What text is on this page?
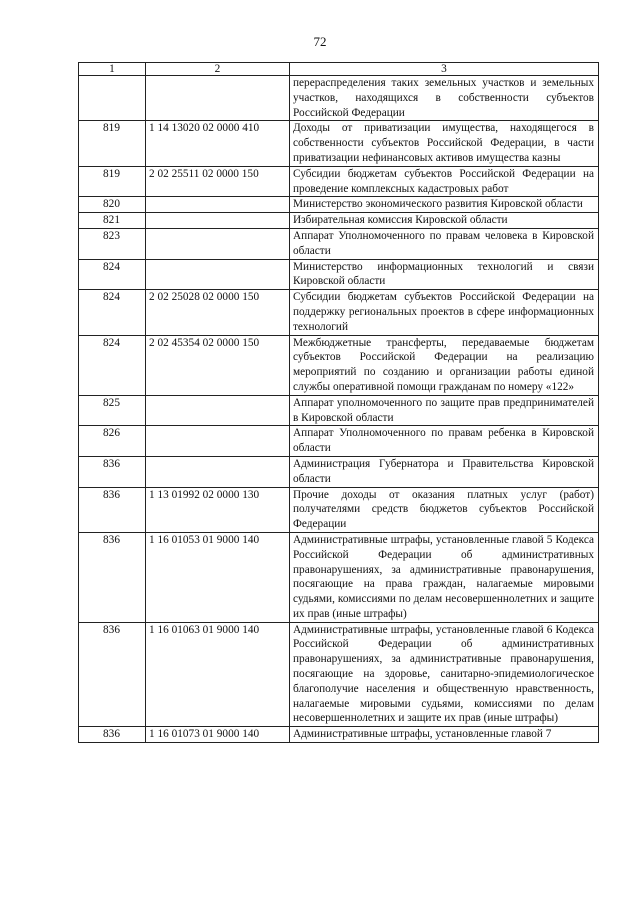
72
1	2	3
		перераспределения таких земельных участков и земельных участков, находящихся в собственности субъектов Российской Федерации
819	1 14 13020 02 0000 410	Доходы от приватизации имущества, находящегося в собственности субъектов Российской Федерации, в части приватизации нефинансовых активов имущества казны
819	2 02 25511 02 0000 150	Субсидии бюджетам субъектов Российской Федерации на проведение комплексных кадастровых работ
820		Министерство экономического развития Кировской области
821		Избирательная комиссия Кировской области
823		Аппарат Уполномоченного по правам человека в Кировской области
824		Министерство информационных технологий и связи Кировской области
824	2 02 25028 02 0000 150	Субсидии бюджетам субъектов Российской Федерации на поддержку региональных проектов в сфере информационных технологий
824	2 02 45354 02 0000 150	Межбюджетные трансферты, передаваемые бюджетам субъектов Российской Федерации на реализацию мероприятий по созданию и организации работы единой службы оперативной помощи гражданам по номеру «122»
825		Аппарат уполномоченного по защите прав предпринимателей в Кировской области
826		Аппарат Уполномоченного по правам ребенка в Кировской области
836		Администрация Губернатора и Правительства Кировской области
836	1 13 01992 02 0000 130	Прочие доходы от оказания платных услуг (работ) получателями средств бюджетов субъектов Российской Федерации
836	1 16 01053 01 9000 140	Административные штрафы, установленные главой 5 Кодекса Российской Федерации об административных правонарушениях, за административные правонарушения, посягающие на права граждан, налагаемые мировыми судьями, комиссиями по делам несовершеннолетних и защите их прав (иные штрафы)
836	1 16 01063 01 9000 140	Административные штрафы, установленные главой 6 Кодекса Российской Федерации об административных правонарушениях, за административные правонарушения, посягающие на здоровье, санитарно-эпидемиологическое благополучие населения и общественную нравственность, налагаемые мировыми судьями, комиссиями по делам несовершеннолетних и защите их прав (иные штрафы)
836	1 16 01073 01 9000 140	Административные штрафы, установленные главой 7
